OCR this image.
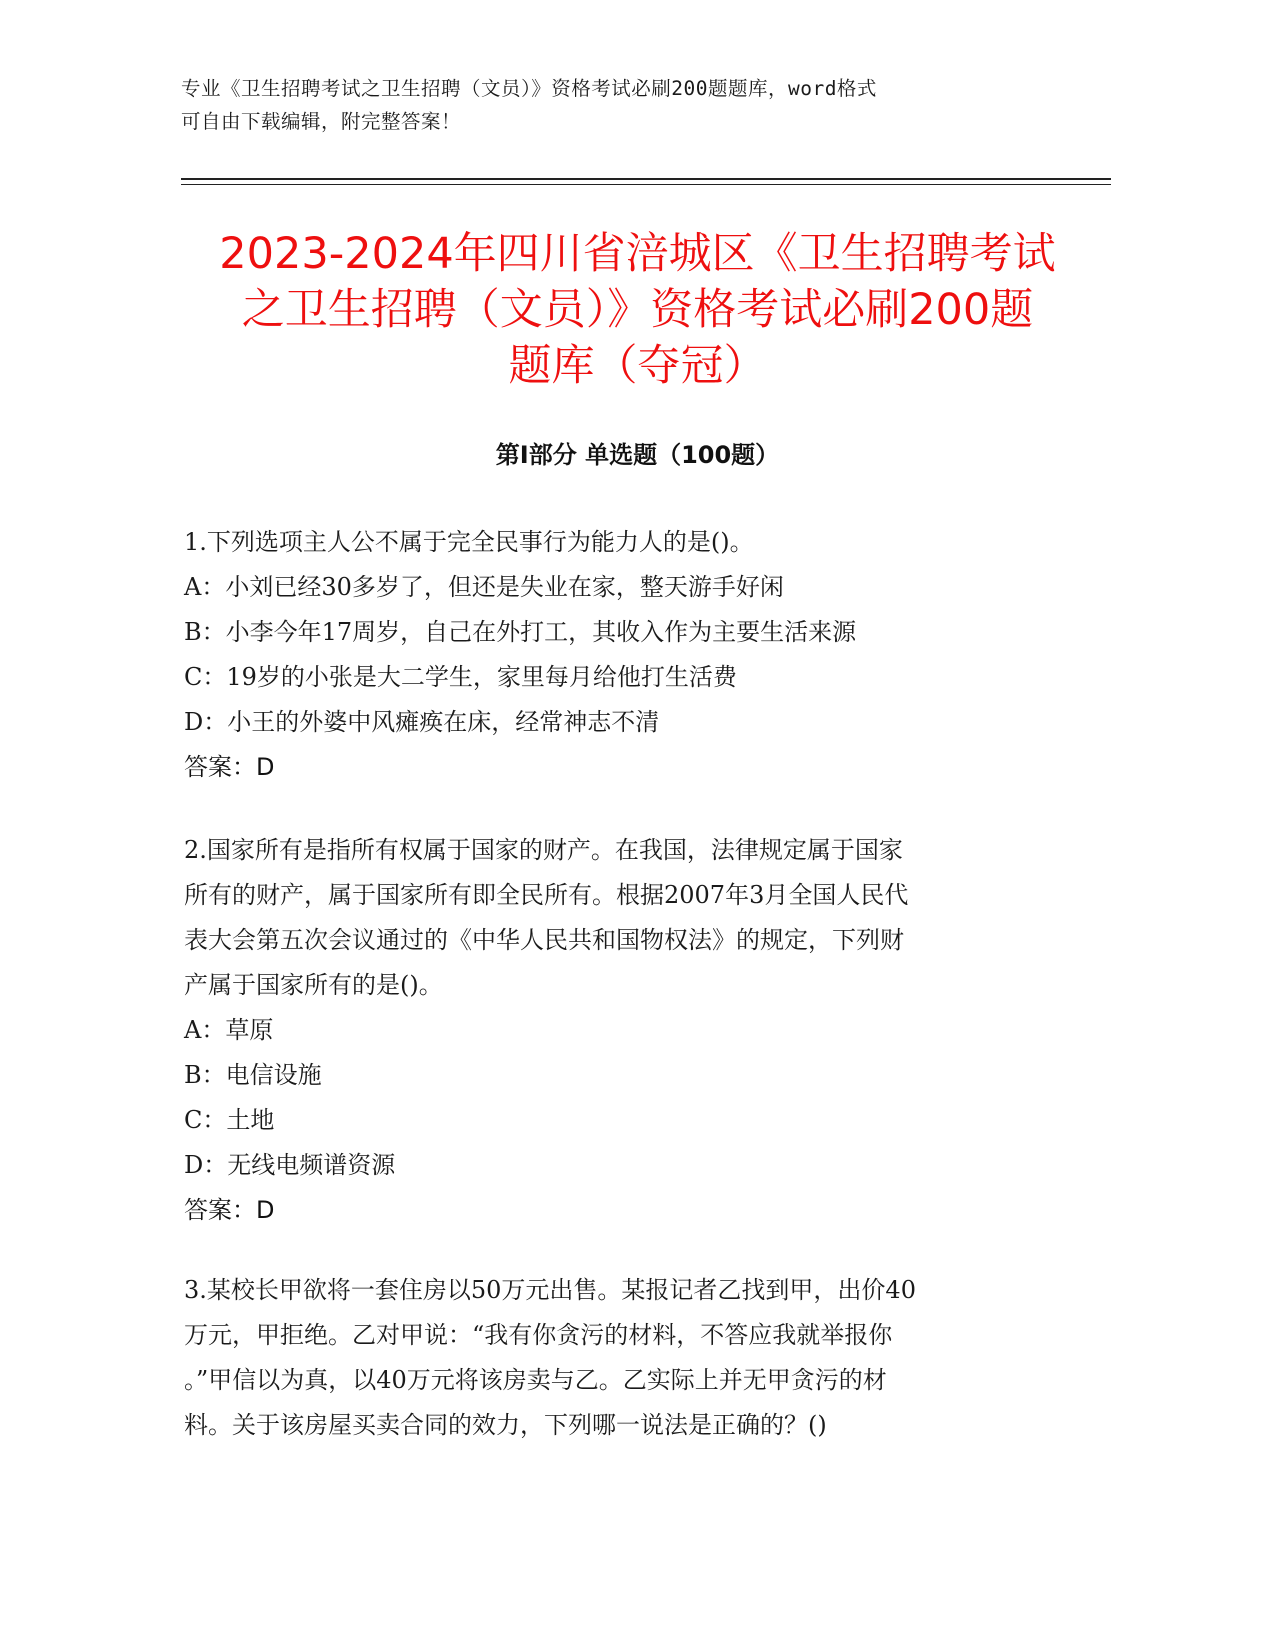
专业《卫生招聘考试之卫生招聘（文员）》资格考试必刷200题题库，word格式
可自由下载编辑，附完整答案！
2023-2024年四川省涪城区《卫生招聘考试
之卫生招聘（文员）》资格考试必刷200题
题库（夺冠）
第Ⅰ部分 单选题（100题）

1.下列选项主人公不属于完全民事行为能力人的是()。

A：小刘已经30多岁了，但还是失业在家，整天游手好闲

B：小李今年17周岁，自己在外打工，其收入作为主要生活来源

C：19岁的小张是大二学生，家里每月给他打生活费

D：小王的外婆中风瘫痪在床，经常神志不清

答案：D

2.国家所有是指所有权属于国家的财产。在我国，法律规定属于国家

所有的财产，属于国家所有即全民所有。根据2007年3月全国人民代

表大会第五次会议通过的《中华人民共和国物权法》的规定，下列财

产属于国家所有的是()。

A：草原

B：电信设施

C：土地

D：无线电频谱资源

答案：D

3.某校长甲欲将一套住房以50万元出售。某报记者乙找到甲，出价40

万元，甲拒绝。乙对甲说：“我有你贪污的材料，不答应我就举报你

。”甲信以为真，以40万元将该房卖与乙。乙实际上并无甲贪污的材

料。关于该房屋买卖合同的效力，下列哪一说法是正确的？()
